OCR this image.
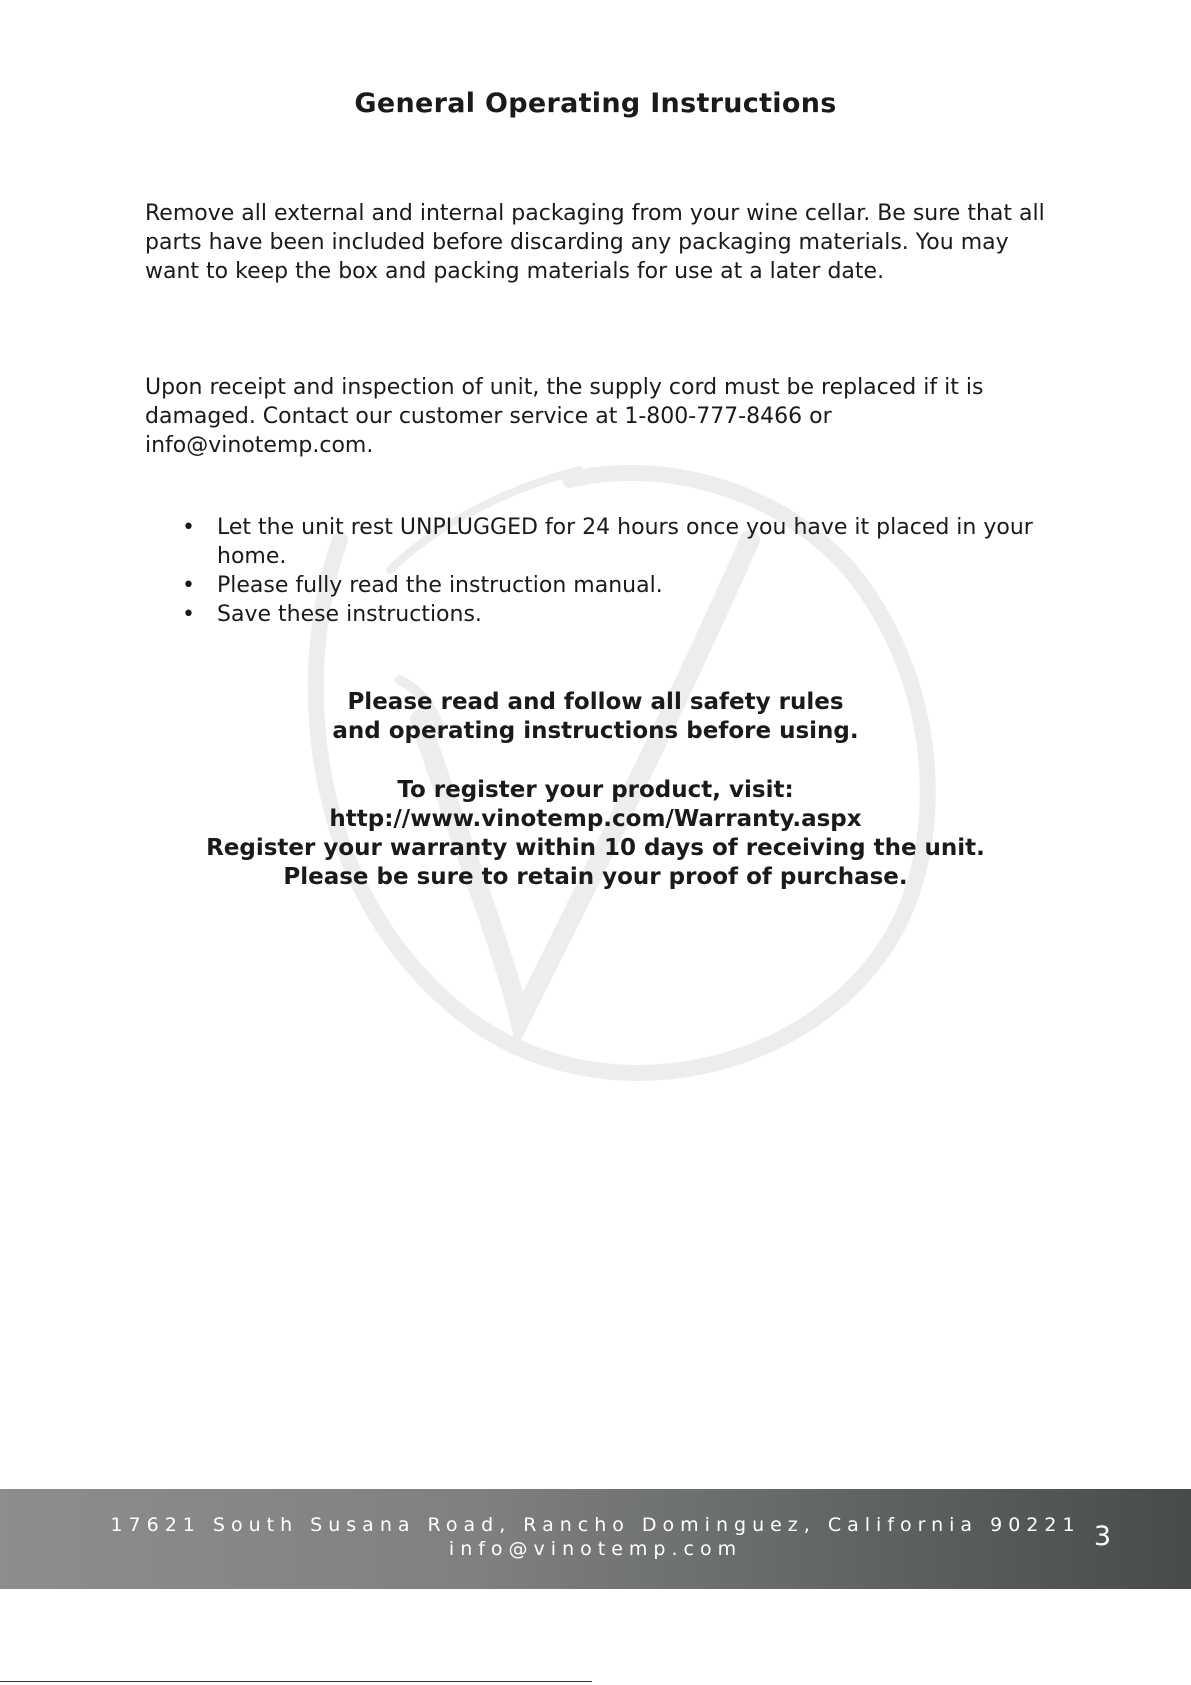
General Operating Instructions

Remove all external and internal packaging from your wine cellar. Be sure that all parts have been included before discarding any packaging materials. You may want to keep the box and packing materials for use at a later date.

Upon receipt and inspection of unit, the supply cord must be replaced if it is damaged. Contact our customer service at 1-800-777-8466 or info@vinotemp.com.

• Let the unit rest UNPLUGGED for 24 hours once you have it placed in your home.
• Please fully read the instruction manual.
• Save these instructions.
Please read and follow all safety rules
and operating instructions before using.
To register your product, visit:
http://www.vinotemp.com/Warranty.aspx
Register your warranty within 10 days of receiving the unit.
Please be sure to retain your proof of purchase.

17621 South Susana Road, Rancho Dominguez, California 90221
info@vinotemp.com	3
